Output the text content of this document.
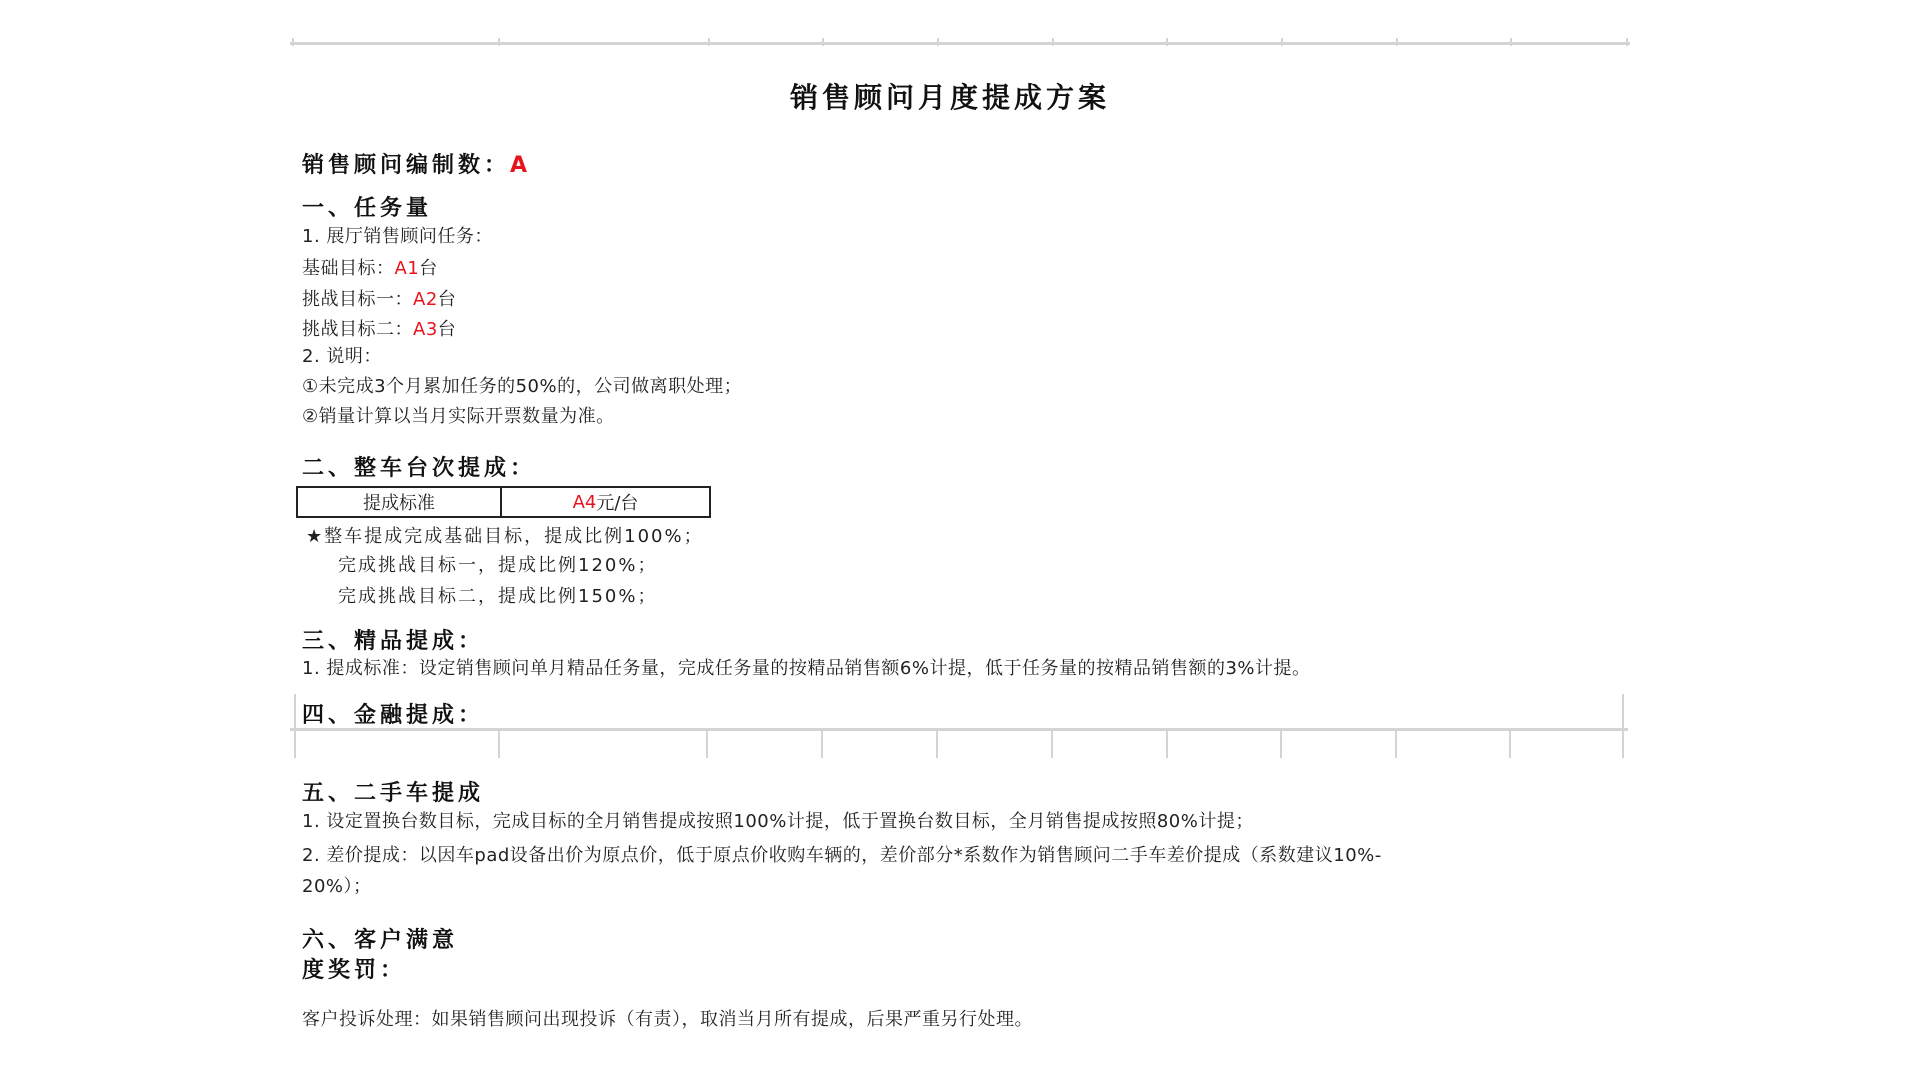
销售顾问月度提成方案
销售顾问编制数：A
一、任务量
1. 展厅销售顾问任务：
基础目标：A1台
挑战目标一：A2台
挑战目标二：A3台
2. 说明：
①未完成3个月累加任务的50%的，公司做离职处理；
②销量计算以当月实际开票数量为准。
二、整车台次提成：
提成标准	A4 元/台
★整车提成完成基础目标，提成比例100%；
完成挑战目标一，提成比例120%；
完成挑战目标二，提成比例150%；
三、精品提成：
1. 提成标准：设定销售顾问单月精品任务量，完成任务量的按精品销售额6%计提，低于任务量的按精品销售额的3%计提。
四、金融提成：
五、二手车提成
1. 设定置换台数目标，完成目标的全月销售提成按照100%计提，低于置换台数目标，全月销售提成按照80%计提；
2. 差价提成：以因车pad设备出价为原点价，低于原点价收购车辆的，差价部分*系数作为销售顾问二手车差价提成（系数建议10%-
20%）；
六、客户满意
度奖罚：
客户投诉处理：如果销售顾问出现投诉（有责），取消当月所有提成，后果严重另行处理。
